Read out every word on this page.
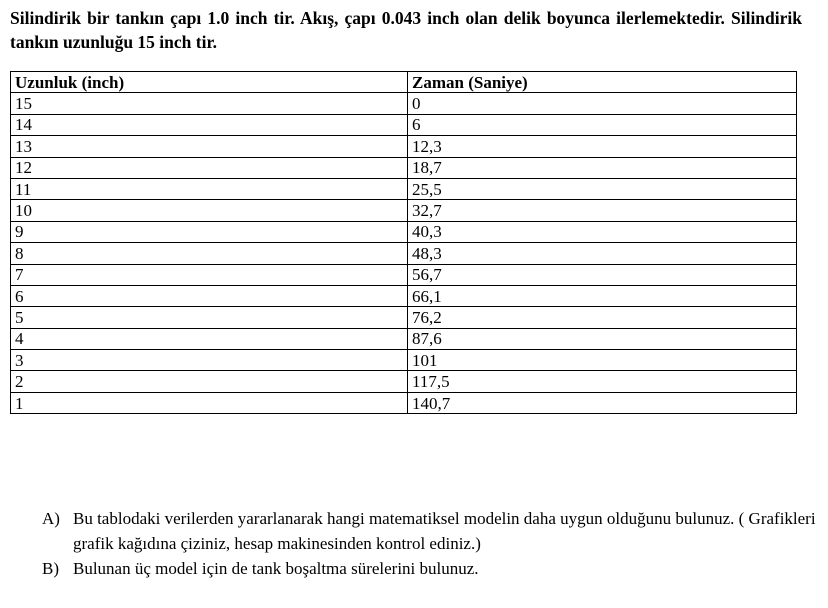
Silindirik bir tankın çapı 1.0 inch tir. Akış, çapı 0.043 inch olan delik boyunca ilerlemektedir. Silindirik tankın uzunluğu 15 inch tir.

Uzunluk (inch)	Zaman (Saniye)
15	0
14	6
13	12,3
12	18,7
11	25,5
10	32,7
9	40,3
8	48,3
7	56,7
6	66,1
5	76,2
4	87,6
3	101
2	117,5
1	140,7
A) Bu tablodaki verilerden yararlanarak hangi matematiksel modelin daha uygun olduğunu bulunuz. ( Grafikleri grafik kağıdına çiziniz, hesap makinesinden kontrol ediniz.)
B) Bulunan üç model için de tank boşaltma sürelerini bulunuz.
